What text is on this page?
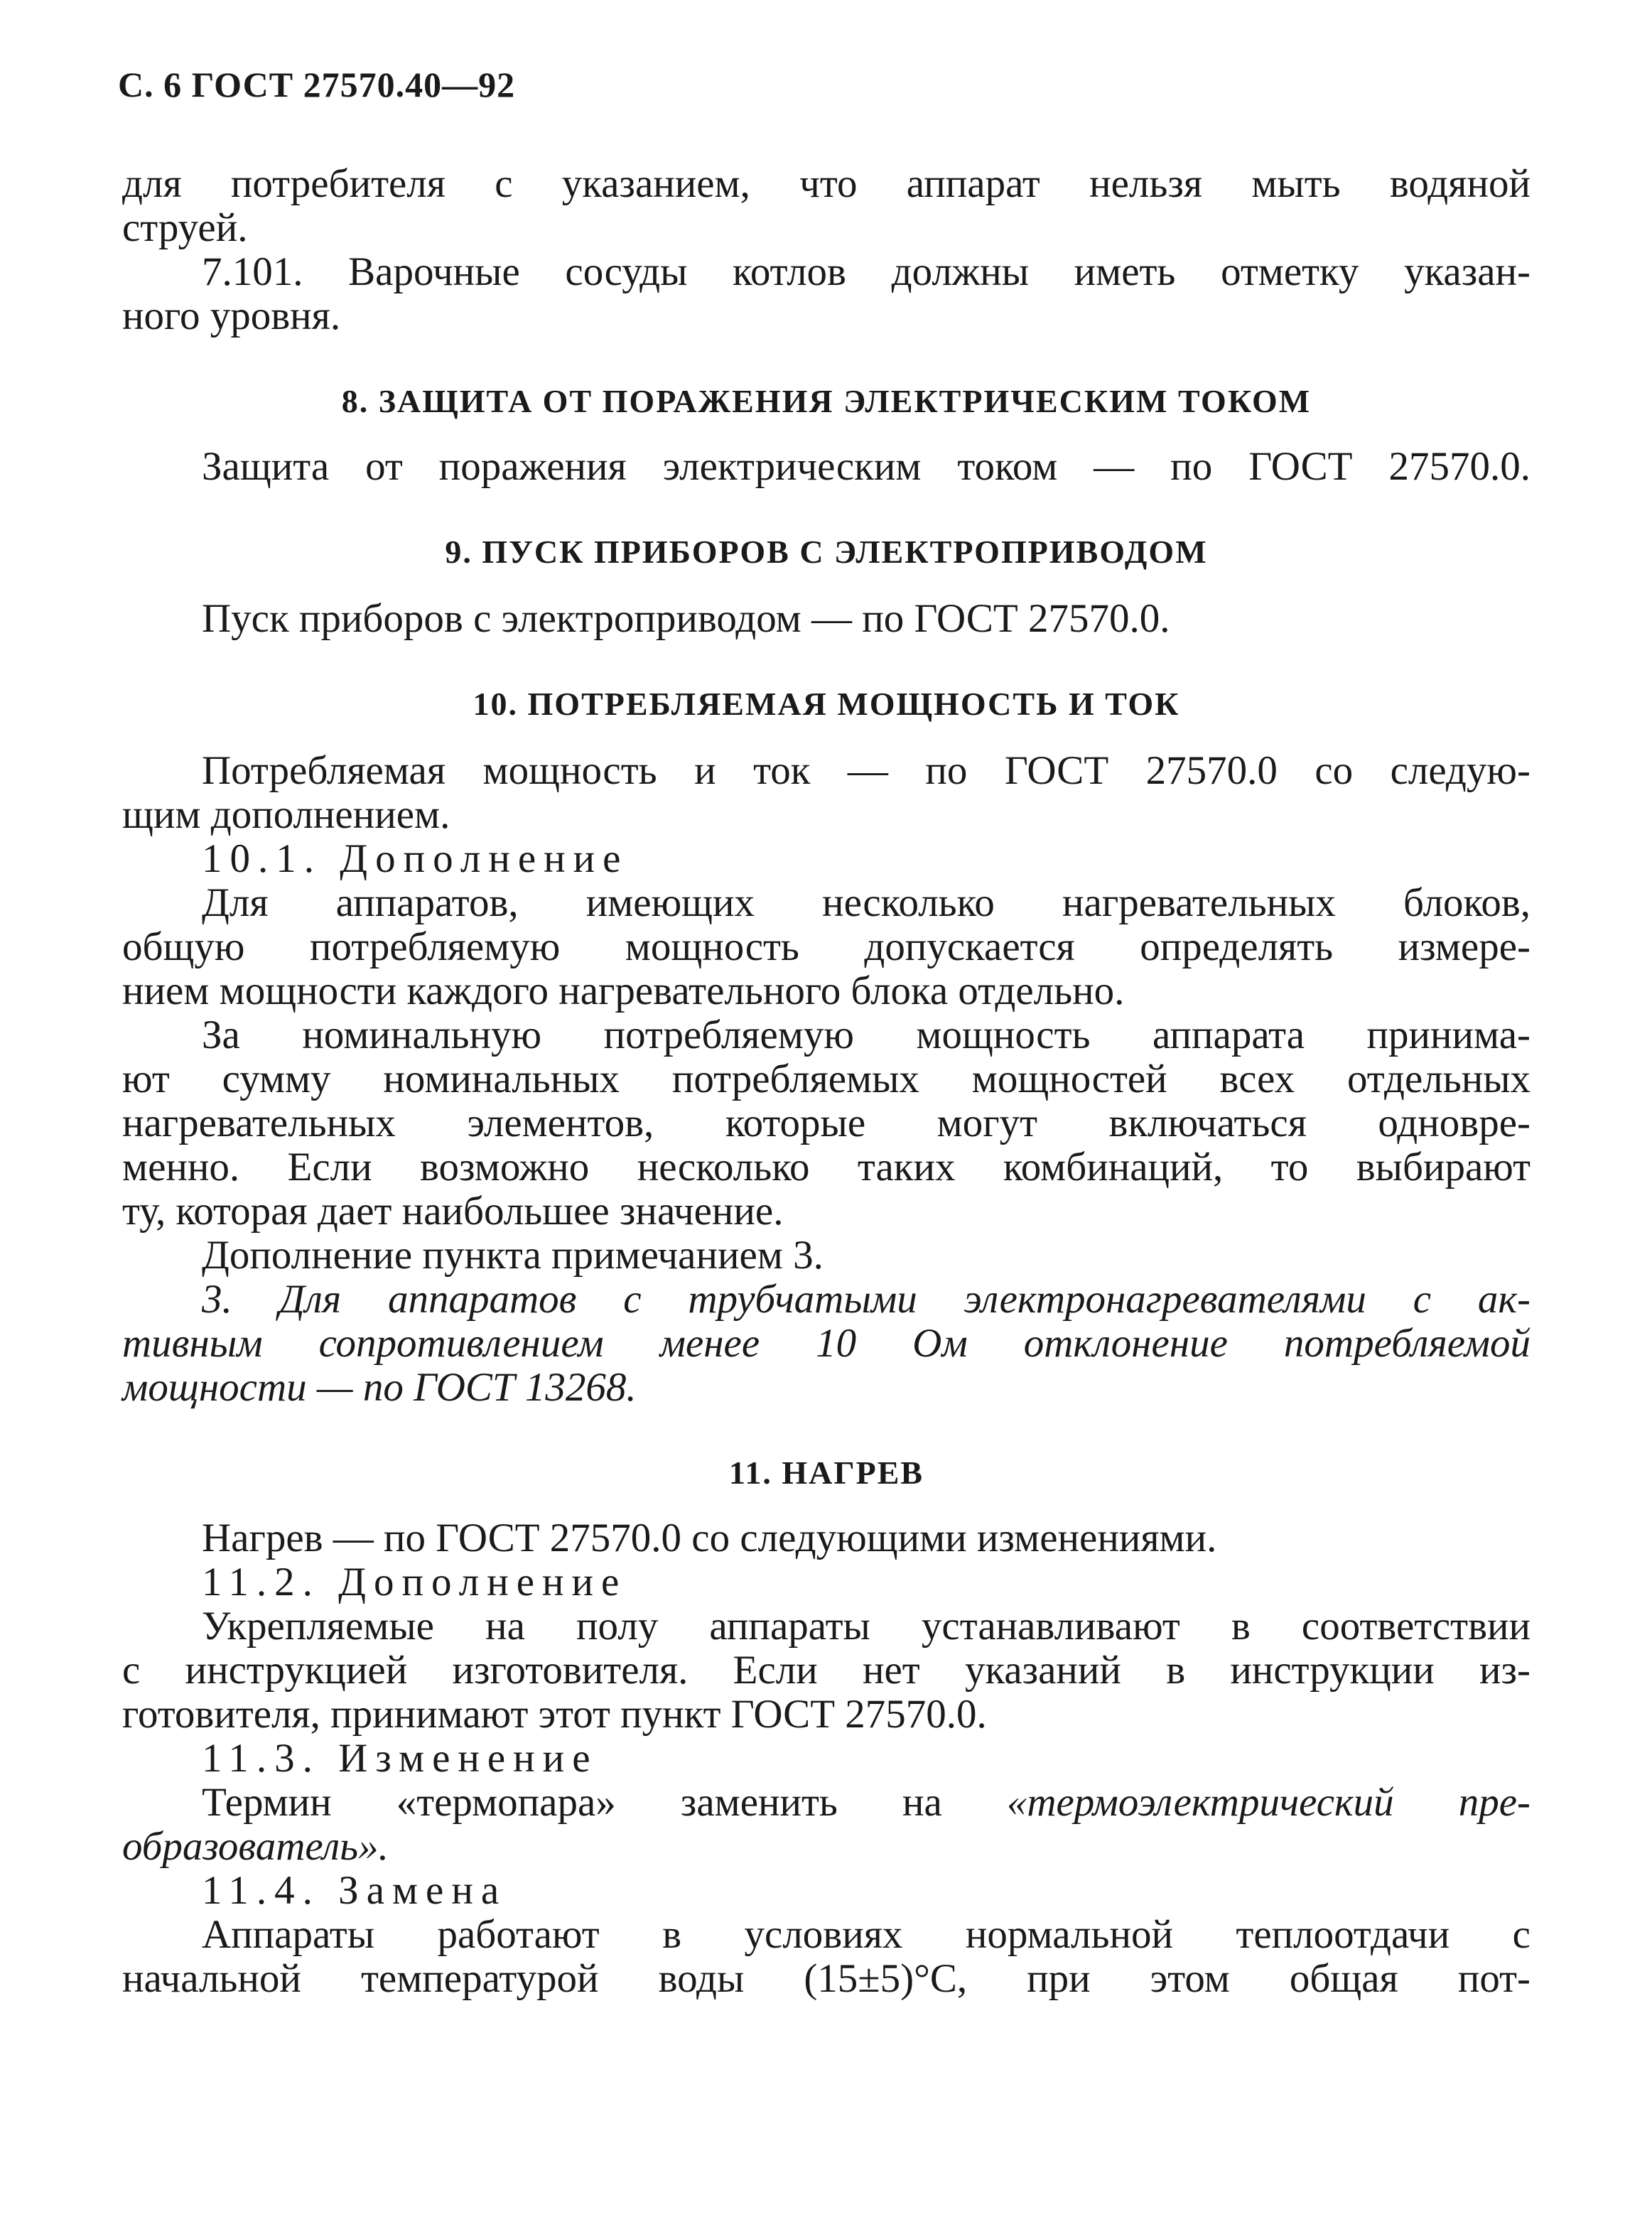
С. 6 ГОСТ 27570.40—92
для потребителя с указанием, что аппарат нельзя мыть водяной
струей.
7.101. Варочные сосуды котлов должны иметь отметку указан-
ного уровня.
8. ЗАЩИТА ОТ ПОРАЖЕНИЯ ЭЛЕКТРИЧЕСКИМ ТОКОМ
Защита от поражения электрическим током — по ГОСТ 27570.0.
9. ПУСК ПРИБОРОВ С ЭЛЕКТРОПРИВОДОМ
Пуск приборов с электроприводом — по ГОСТ 27570.0.
10. ПОТРЕБЛЯЕМАЯ МОЩНОСТЬ И ТОК
Потребляемая мощность и ток — по ГОСТ 27570.0 со следую-
щим дополнением.
10.1. Дополнение
Для аппаратов, имеющих несколько нагревательных блоков,
общую потребляемую мощность допускается определять измере-
нием мощности каждого нагревательного блока отдельно.
За номинальную потребляемую мощность аппарата принима-
ют сумму номинальных потребляемых мощностей всех отдельных
нагревательных элементов, которые могут включаться одновре-
менно. Если возможно несколько таких комбинаций, то выбирают
ту, которая дает наибольшее значение.
Дополнение пункта примечанием 3.
3. Для аппаратов с трубчатыми электронагревателями с ак-
тивным сопротивлением менее 10 Ом отклонение потребляемой
мощности — по ГОСТ 13268.
11. НАГРЕВ
Нагрев — по ГОСТ 27570.0 со следующими изменениями.
11.2. Дополнение
Укрепляемые на полу аппараты устанавливают в соответствии
с инструкцией изготовителя. Если нет указаний в инструкции из-
готовителя, принимают этот пункт ГОСТ 27570.0.
11.3. Изменение
Термин «термопара» заменить на «термоэлектрический пре-
образователь».
11.4. Замена
Аппараты работают в условиях нормальной теплоотдачи с
начальной температурой воды (15±5)°С, при этом общая пот-
